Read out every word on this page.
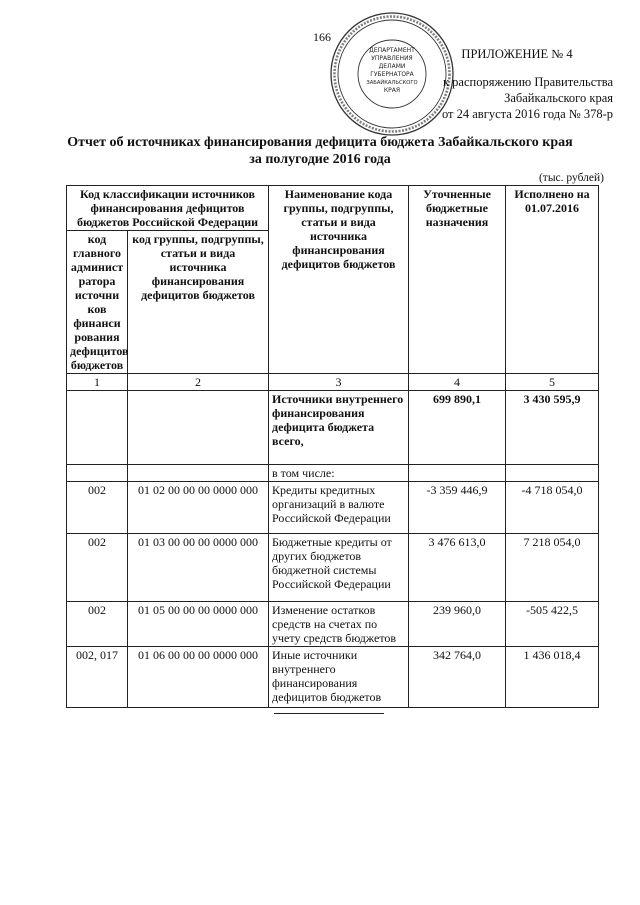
166
ДЕПАРТАМЕНТ
УПРАВЛЕНИЯ
ДЕЛАМИ
ГУБЕРНАТОРА
ЗАБАЙКАЛЬСКОГО
КРАЯ
ПРИЛОЖЕНИЕ № 4
к распоряжению Правительства
Забайкальского края
от 24 августа 2016 года № 378-р
Отчет об источниках финансирования дефицита бюджета Забайкальского края
за полугодие 2016 года
(тыс. рублей)
Код классификации источников финансирования дефицитов бюджетов Российской Федерации		Наименование кода группы, подгруппы, статьи и вида источника финансирования дефицитов бюджетов	Уточненные бюджетные назначения	Исполнено на 01.07.2016
код главного админист ратора источни ков финанси рования дефицитов бюджетов	код группы, подгруппы, статьи и вида источника финансирования дефицитов бюджетов			
1	2	3	4	5
		Источники внутреннего финансирования дефицита бюджета всего,	699 890,1	3 430 595,9
		в том числе:		
002	01 02 00 00 00 0000 000	Кредиты кредитных организаций в валюте Российской Федерации	-3 359 446,9	-4 718 054,0
002	01 03 00 00 00 0000 000	Бюджетные кредиты от других бюджетов бюджетной системы Российской Федерации	3 476 613,0	7 218 054,0
002	01 05 00 00 00 0000 000	Изменение остатков средств на счетах по учету средств бюджетов	239 960,0	-505 422,5
002, 017	01 06 00 00 00 0000 000	Иные источники внутреннего финансирования дефицитов бюджетов	342 764,0	1 436 018,4
